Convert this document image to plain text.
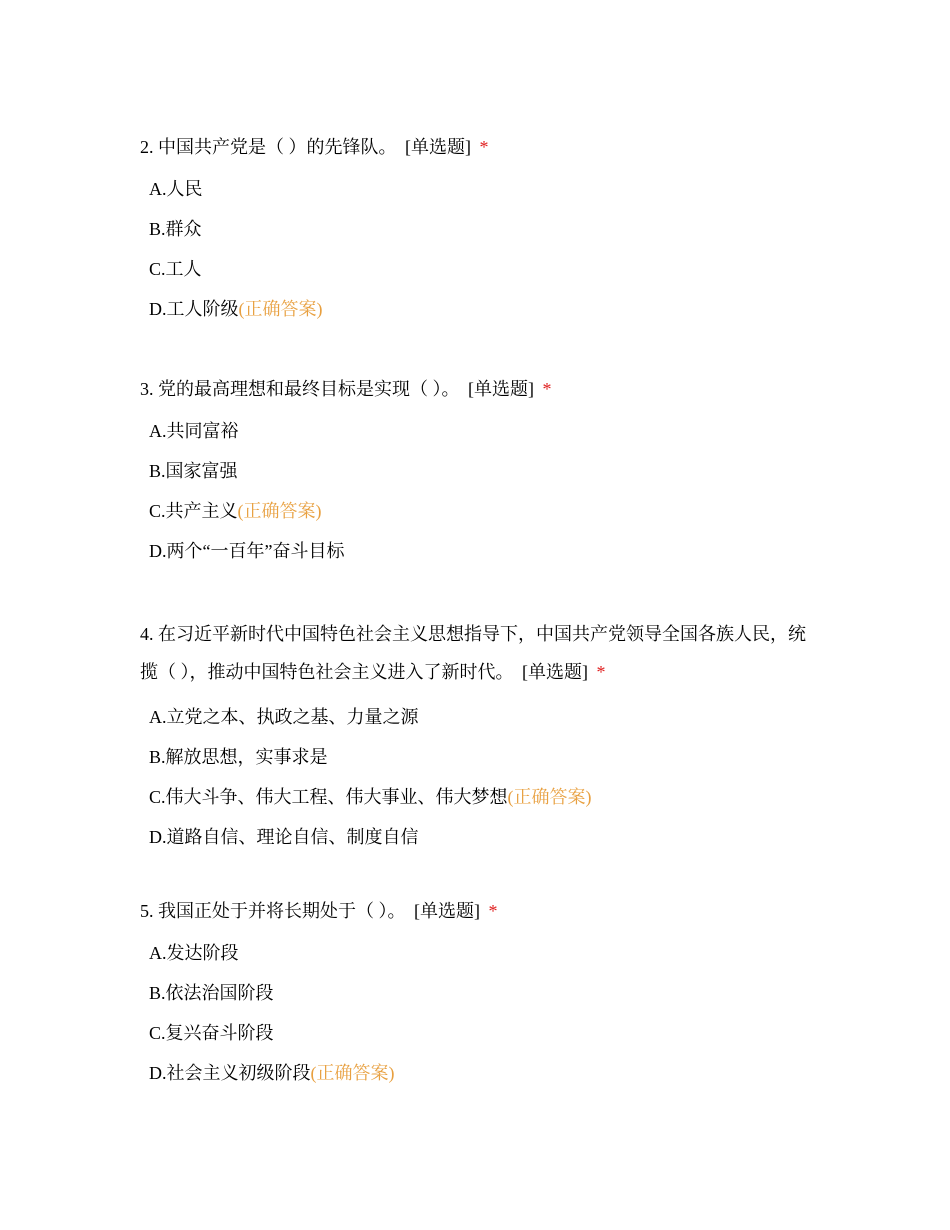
2. 中国共产党是（ ）的先锋队。 [单选题] *

A.人民
B.群众
C.工人
D.工人阶级(正确答案)

3. 党的最高理想和最终目标是实现（ ）。 [单选题] *

A.共同富裕
B.国家富强
C.共产主义(正确答案)
D.两个“一百年”奋斗目标

4. 在习近平新时代中国特色社会主义思想指导下，中国共产党领导全国各族人民，统揽（ ），推动中国特色社会主义进入了新时代。 [单选题] *

A.立党之本、执政之基、力量之源
B.解放思想，实事求是
C.伟大斗争、伟大工程、伟大事业、伟大梦想(正确答案)
D.道路自信、理论自信、制度自信

5. 我国正处于并将长期处于（ ）。 [单选题] *

A.发达阶段
B.依法治国阶段
C.复兴奋斗阶段
D.社会主义初级阶段(正确答案)
